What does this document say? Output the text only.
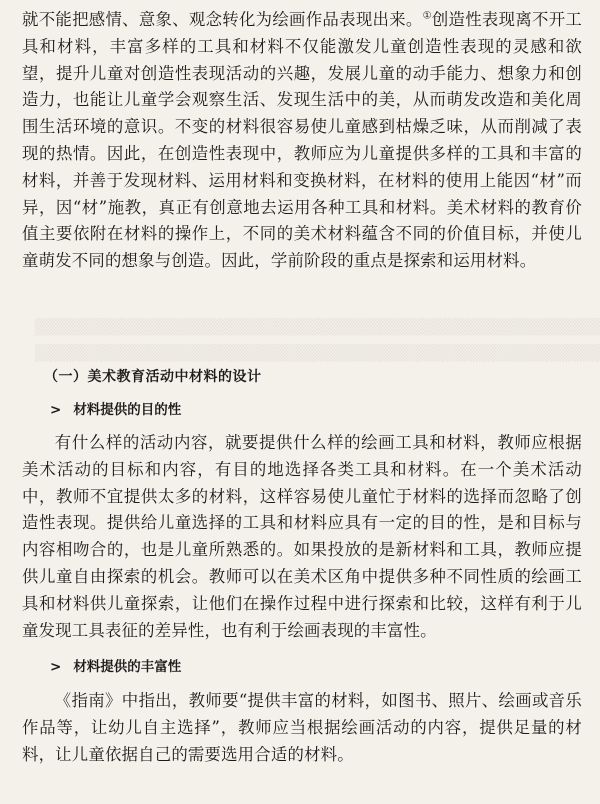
▒▒▒▒▒▒▒▒▒▒▒▒▒▒▒▒▒▒▒▒▒▒▒▒▒▒▒▒▒▒▒▒▒▒▒▒▒▒▒▒▒▒▒▒▒▒▒▒▒
▒▒▒▒▒▒▒▒▒▒▒▒▒▒▒▒▒▒▒▒▒▒▒▒▒▒▒▒▒▒▒▒▒▒▒▒▒▒▒▒▒▒▒▒▒▒▒▒▒

就不能把感情、意象、观念转化为绘画作品表现出来。①创造性表现离不开工具和材料，丰富多样的工具和材料不仅能激发儿童创造性表现的灵感和欲望，提升儿童对创造性表现活动的兴趣，发展儿童的动手能力、想象力和创造力，也能让儿童学会观察生活、发现生活中的美，从而萌发改造和美化周围生活环境的意识。不变的材料很容易使儿童感到枯燥乏味，从而削减了表现的热情。因此，在创造性表现中，教师应为儿童提供多样的工具和丰富的材料，并善于发现材料、运用材料和变换材料，在材料的使用上能因“材”而异，因“材”施教，真正有创意地去运用各种工具和材料。美术材料的教育价值主要依附在材料的操作上，不同的美术材料蕴含不同的价值目标，并使儿童萌发不同的想象与创造。因此，学前阶段的重点是探索和运用材料。

（一）美术教育活动中材料的设计
> 材料提供的目的性

有什么样的活动内容，就要提供什么样的绘画工具和材料，教师应根据美术活动的目标和内容，有目的地选择各类工具和材料。在一个美术活动中，教师不宜提供太多的材料，这样容易使儿童忙于材料的选择而忽略了创造性表现。提供给儿童选择的工具和材料应具有一定的目的性，是和目标与内容相吻合的，也是儿童所熟悉的。如果投放的是新材料和工具，教师应提供儿童自由探索的机会。教师可以在美术区角中提供多种不同性质的绘画工具和材料供儿童探索，让他们在操作过程中进行探索和比较，这样有利于儿童发现工具表征的差异性，也有利于绘画表现的丰富性。

> 材料提供的丰富性

《指南》中指出，教师要“提供丰富的材料，如图书、照片、绘画或音乐作品等，让幼儿自主选择”，教师应当根据绘画活动的内容，提供足量的材料，让儿童依据自己的需要选用合适的材料。
